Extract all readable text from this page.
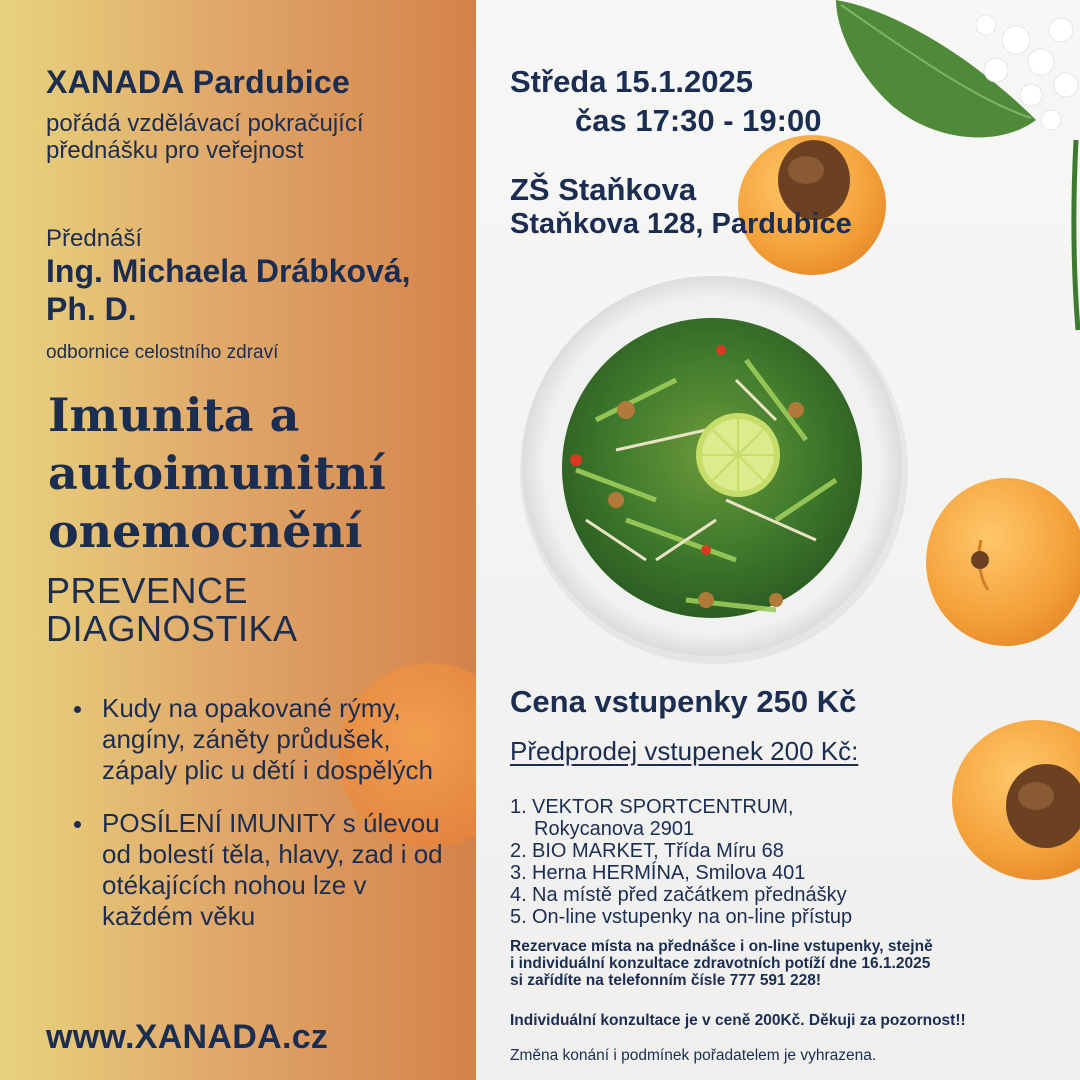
XANADA Pardubice

pořádá vzdělávací pokračující přednášku pro veřejnost

Přednáší

Ing. Michaela Drábková, Ph. D.

odbornice celostního zdraví

Imunita a autoimunitní onemocnění
PREVENCE
DIAGNOSTIKA
Kudy na opakované rýmy, angíny, záněty průdušek, zápaly plic u dětí i dospělých
POSÍLENÍ IMUNITY s úlevou od bolestí těla, hlavy, zad i od otékajících nohou lze v každém věku
www.XANADA.cz
Středa 15.1.2025
čas 17:30 - 19:00
ZŠ Staňkova
Staňkova 128, Pardubice
Cena vstupenky 250 Kč
Předprodej vstupenek 200 Kč:
1. VEKTOR SPORTCENTRUM,
Rokycanova 2901
2. BIO MARKET, Třída Míru 68
3. Herna HERMÍNA, Smilova 401
4. Na místě před začátkem přednášky
5. On-line vstupenky na on-line přístup
Rezervace místa na přednášce i on-line vstupenky, stejně
i individuální konzultace zdravotních potíží dne 16.1.2025
si zařídíte na telefonním čísle 777 591 228!
Individuální konzultace je v ceně 200Kč. Děkuji za pozornost!!
Změna konání i podmínek pořadatelem je vyhrazena.
